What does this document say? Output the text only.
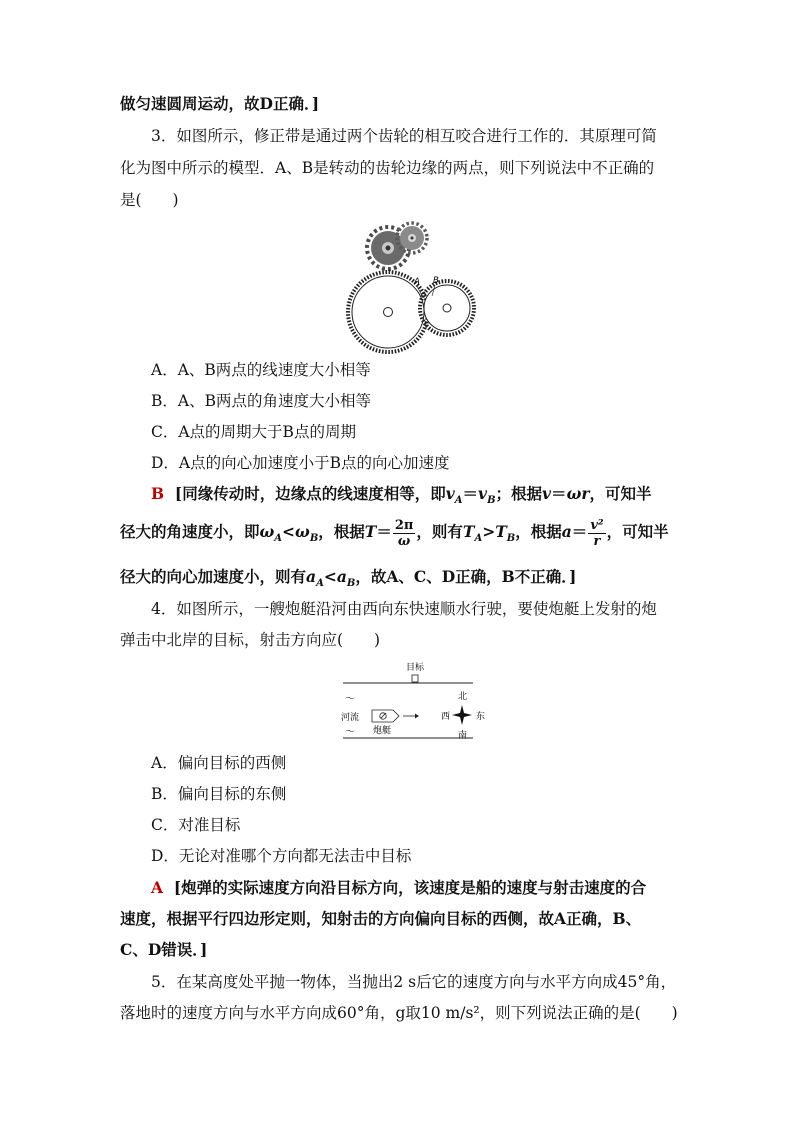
做匀速圆周运动，故D正确．]
3．如图所示，修正带是通过两个齿轮的相互咬合进行工作的．其原理可简
化为图中所示的模型．A、B是转动的齿轮边缘的两点，则下列说法中不正确的
是(　　)
A B
A．A、B两点的线速度大小相等
B．A、B两点的角速度大小相等
C．A点的周期大于B点的周期
D．A点的向心加速度小于B点的向心加速度
B [同缘传动时，边缘点的线速度相等，即$v_A=v_B$；根据v＝ωr，可知半
径大的角速度小，即$\omega_A<\omega_B$，根据$T= \frac{2\pi}{\omega}$ ，则有$T_A>T_B$，根据$a= \frac{\text{v²}}{r}$ ，可知半
径大的向心加速度小，则有$a_A<a_B$，故A、C、D正确，B不正确．]
4．如图所示，一艘炮艇沿河由西向东快速顺水行驶，要使炮艇上发射的炮
弹击中北岸的目标，射击方向应(　　)
目标
～
河流
～ 炮艇
北
西	东
南
A．偏向目标的西侧
B．偏向目标的东侧
C．对准目标
D．无论对准哪个方向都无法击中目标
A [炮弹的实际速度方向沿目标方向，该速度是船的速度与射击速度的合
速度，根据平行四边形定则，知射击的方向偏向目标的西侧，故A正确，B、
C、D错误．]
5．在某高度处平抛一物体，当抛出2 s后它的速度方向与水平方向成45°角，
落地时的速度方向与水平方向成60°角，g取10 m/s²，则下列说法正确的是(　　)
